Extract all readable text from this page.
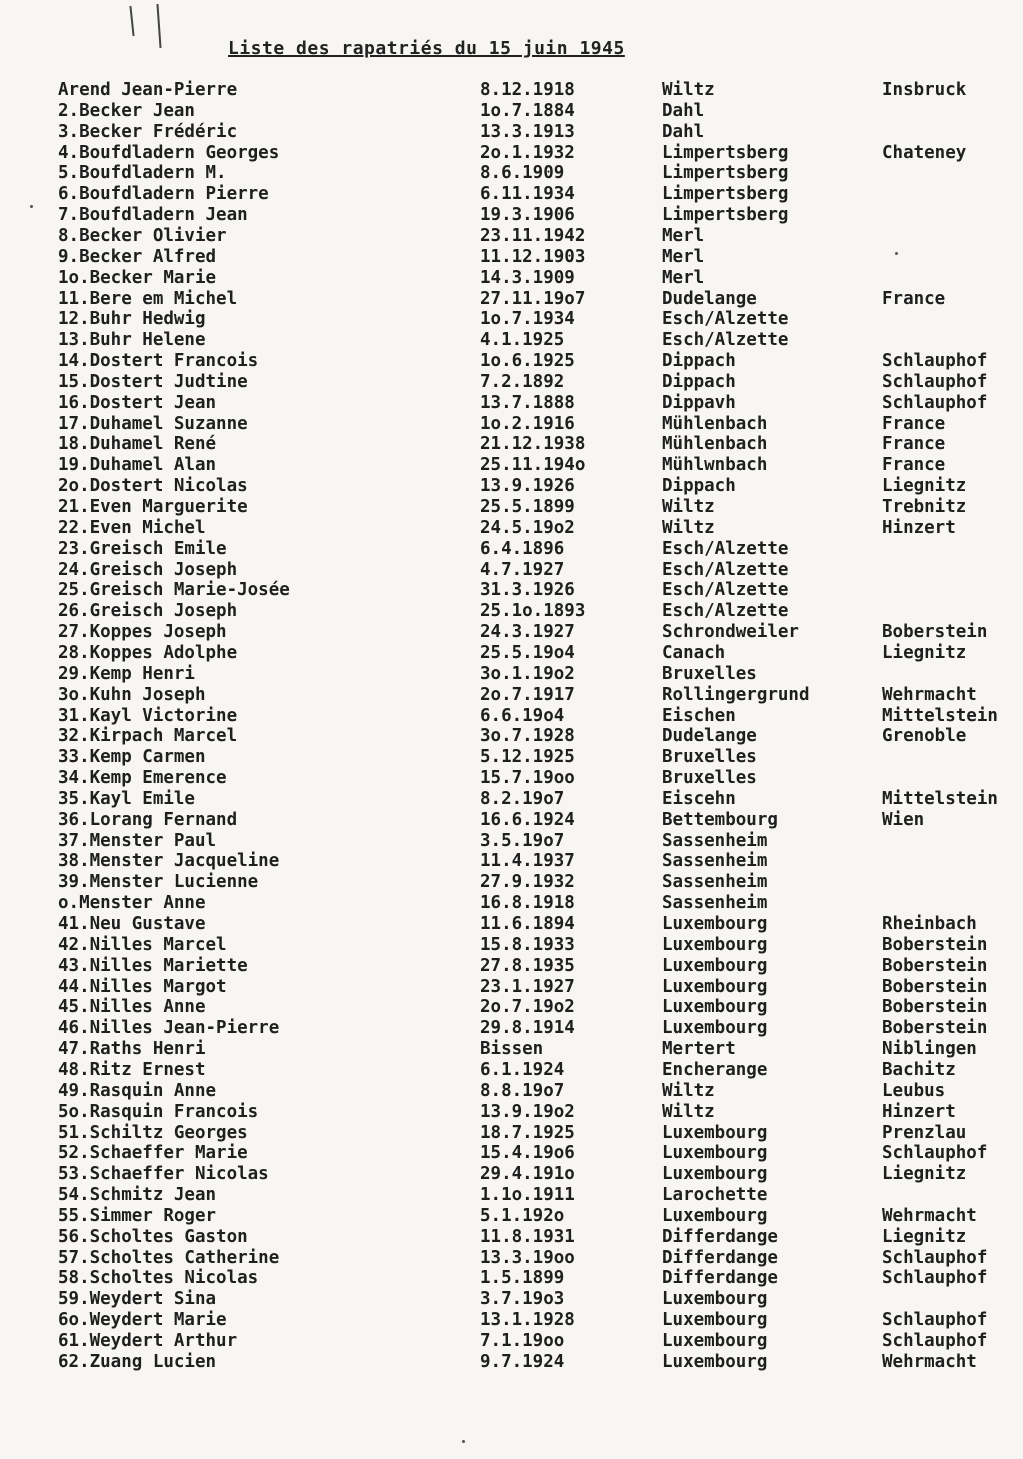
Liste des rapatriés du 15 juin 1945
Arend Jean-Pierre	8.12.1918	Wiltz	Insbruck
2.Becker Jean	1o.7.1884	Dahl
3.Becker Frédéric	13.3.1913	Dahl
4.Boufdladern Georges	2o.1.1932	Limpertsberg	Chateney
5.Boufdladern M.	8.6.1909	Limpertsberg
6.Boufdladern Pierre	6.11.1934	Limpertsberg
7.Boufdladern Jean	19.3.1906	Limpertsberg
8.Becker Olivier	23.11.1942	Merl
9.Becker Alfred	11.12.1903	Merl
1o.Becker Marie	14.3.1909	Merl
11.Bere em Michel	27.11.19o7	Dudelange	France
12.Buhr Hedwig	1o.7.1934	Esch/Alzette
13.Buhr Helene	4.1.1925	Esch/Alzette
14.Dostert Francois	1o.6.1925	Dippach	Schlauphof
15.Dostert Judtine	7.2.1892	Dippach	Schlauphof
16.Dostert Jean	13.7.1888	Dippavh	Schlauphof
17.Duhamel Suzanne	1o.2.1916	Mühlenbach	France
18.Duhamel René	21.12.1938	Mühlenbach	France
19.Duhamel Alan	25.11.194o	Mühlwnbach	France
2o.Dostert Nicolas	13.9.1926	Dippach	Liegnitz
21.Even Marguerite	25.5.1899	Wiltz	Trebnitz
22.Even Michel	24.5.19o2	Wiltz	Hinzert
23.Greisch Emile	6.4.1896	Esch/Alzette
24.Greisch Joseph	4.7.1927	Esch/Alzette
25.Greisch Marie-Josée	31.3.1926	Esch/Alzette
26.Greisch Joseph	25.1o.1893	Esch/Alzette
27.Koppes Joseph	24.3.1927	Schrondweiler	Boberstein
28.Koppes Adolphe	25.5.19o4	Canach	Liegnitz
29.Kemp Henri	3o.1.19o2	Bruxelles
3o.Kuhn Joseph	2o.7.1917	Rollingergrund	Wehrmacht
31.Kayl Victorine	6.6.19o4	Eischen	Mittelstein
32.Kirpach Marcel	3o.7.1928	Dudelange	Grenoble
33.Kemp Carmen	5.12.1925	Bruxelles
34.Kemp Emerence	15.7.19oo	Bruxelles
35.Kayl Emile	8.2.19o7	Eiscehn	Mittelstein
36.Lorang Fernand	16.6.1924	Bettembourg	Wien
37.Menster Paul	3.5.19o7	Sassenheim
38.Menster Jacqueline	11.4.1937	Sassenheim
39.Menster Lucienne	27.9.1932	Sassenheim
o.Menster Anne	16.8.1918	Sassenheim
41.Neu Gustave	11.6.1894	Luxembourg	Rheinbach
42.Nilles Marcel	15.8.1933	Luxembourg	Boberstein
43.Nilles Mariette	27.8.1935	Luxembourg	Boberstein
44.Nilles Margot	23.1.1927	Luxembourg	Boberstein
45.Nilles Anne	2o.7.19o2	Luxembourg	Boberstein
46.Nilles Jean-Pierre	29.8.1914	Luxembourg	Boberstein
47.Raths Henri	Bissen	Mertert	Niblingen
48.Ritz Ernest	6.1.1924	Encherange	Bachitz
49.Rasquin Anne	8.8.19o7	Wiltz	Leubus
5o.Rasquin Francois	13.9.19o2	Wiltz	Hinzert
51.Schiltz Georges	18.7.1925	Luxembourg	Prenzlau
52.Schaeffer Marie	15.4.19o6	Luxembourg	Schlauphof
53.Schaeffer Nicolas	29.4.191o	Luxembourg	Liegnitz
54.Schmitz Jean	1.1o.1911	Larochette
55.Simmer Roger	5.1.192o	Luxembourg	Wehrmacht
56.Scholtes Gaston	11.8.1931	Differdange	Liegnitz
57.Scholtes Catherine	13.3.19oo	Differdange	Schlauphof
58.Scholtes Nicolas	1.5.1899	Differdange	Schlauphof
59.Weydert Sina	3.7.19o3	Luxembourg
6o.Weydert Marie	13.1.1928	Luxembourg	Schlauphof
61.Weydert Arthur	7.1.19oo	Luxembourg	Schlauphof
62.Zuang Lucien	9.7.1924	Luxembourg	Wehrmacht
